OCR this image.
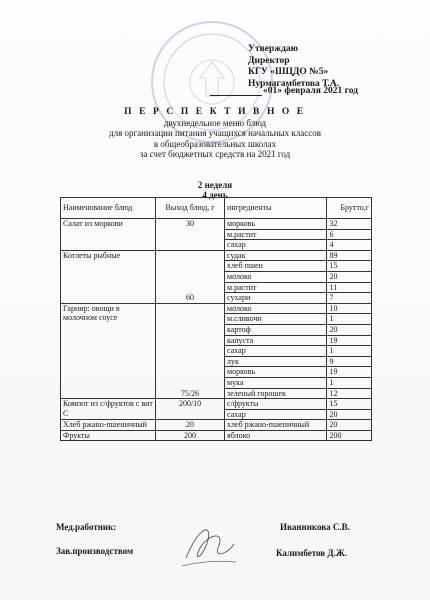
Утверждаю
Директор
КГУ «ШЦДО №5»
Нурмагамбетова Т.А.
«01» февраля 2021 год
П Е Р С П Е К Т И В Н О Е
двухнедельное меню блюд
для организации питания учащихся начальных классов
в общеобразовательных школах
за счет бюджетных средств на 2021 год
2 неделя
4 день
Наименование блюд	Выход блюд, г	ингредиенты	Брутто,г
Салат из моркови	30	морковь	32
		м.растит	6
		сахар	4
Котлеты рыбные	60	судак	89
		хлеб пшен	15
		молоко	20
		м.растит	11
		сухари	7
Гарнир: овощи в молочном соусе	75/26	молоко	10
		м.сливочн	1
		картоф	20
		капуста	19
		сахар	1
		лук	9
		морковь	19
		мука	1
		зеленый горошек	12
Компот из с/фруктов с вит С	200/10	с/фрукты	15
		сахар	20
Хлеб ржано-пшеничный	20	хлеб ржано-пшеничный	20
Фрукты	200	яблоко	200
Мед.работник:	Иванникова С.В.
Зав.производством	Калимбетов Д.Ж.
